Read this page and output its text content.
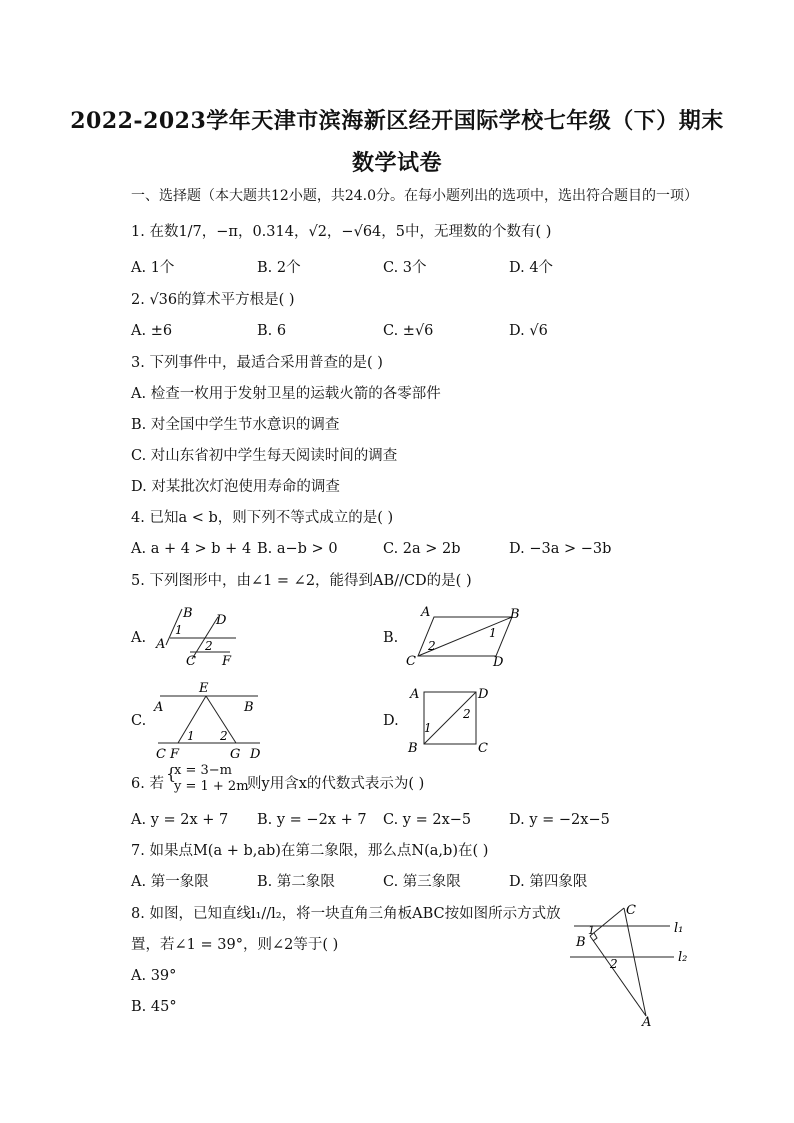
2022-2023学年天津市滨海新区经开国际学校七年级（下）期末
数学试卷
一、选择题（本大题共12小题，共24.0分。在每小题列出的选项中，选出符合题目的一项）
1. 在数1/7，−π，0.314，√2，−√64，5中，无理数的个数有( )
A. 1个	B. 2个	C. 3个	D. 4个
2. √36的算术平方根是( )
A. ±6	B. 6	C. ±√6	D. √6
3. 下列事件中，最适合采用普查的是( )
A. 检查一枚用于发射卫星的运载火箭的各零部件
B. 对全国中学生节水意识的调查
C. 对山东省初中学生每天阅读时间的调查
D. 对某批次灯泡使用寿命的调查
4. 已知a < b，则下列不等式成立的是( )
A. a + 4 > b + 4 B. a−b > 0	C. 2a > 2b	D. −3a > −3b
5. 下列图形中，由∠1 = ∠2，能得到AB//CD的是( )
A.	B.
C.	D.
B D
1
2
A
C F
A	B
1
2
C	D
E
A	B
1 2
C F	G D
A	D
2
1
B	C
6. 若
{
x = 3−m
y = 1 + 2m
则y用含x的代数式表示为( )
A. y = 2x + 7 B. y = −2x + 7 C. y = 2x−5	D. y = −2x−5
7. 如果点M(a + b,ab)在第二象限，那么点N(a,b)在( )
A. 第一象限	B. 第二象限	C. 第三象限	D. 第四象限
8. 如图，已知直线l₁//l₂，将一块直角三角板ABC按如图所示方式放
置，若∠1 = 39°，则∠2等于( )
A. 39°
B. 45°
C
l₁
B
1
2	l₂
A
